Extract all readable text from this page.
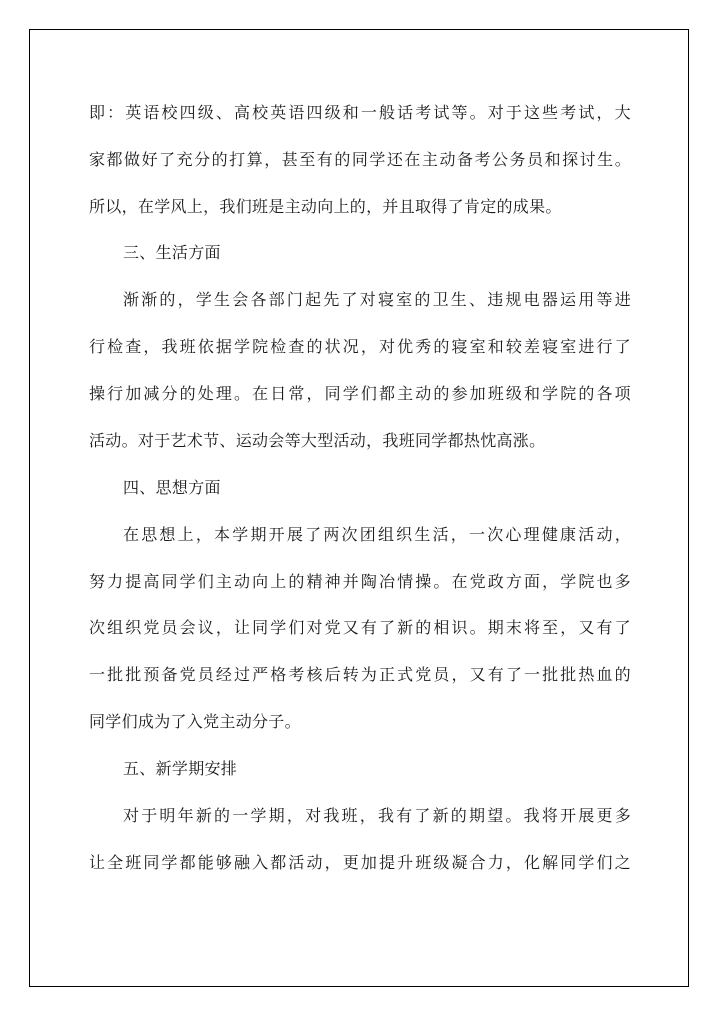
即：英语校四级、高校英语四级和一般话考试等。对于这些考试，大
家都做好了充分的打算，甚至有的同学还在主动备考公务员和探讨生。
所以，在学风上，我们班是主动向上的，并且取得了肯定的成果。
三、生活方面
渐渐的，学生会各部门起先了对寝室的卫生、违规电器运用等进
行检查，我班依据学院检查的状况，对优秀的寝室和较差寝室进行了
操行加减分的处理。在日常，同学们都主动的参加班级和学院的各项
活动。对于艺术节、运动会等大型活动，我班同学都热忱高涨。
四、思想方面
在思想上，本学期开展了两次团组织生活，一次心理健康活动，
努力提高同学们主动向上的精神并陶冶情操。在党政方面，学院也多
次组织党员会议，让同学们对党又有了新的相识。期末将至，又有了
一批批预备党员经过严格考核后转为正式党员，又有了一批批热血的
同学们成为了入党主动分子。
五、新学期安排
对于明年新的一学期，对我班，我有了新的期望。我将开展更多
让全班同学都能够融入都活动，更加提升班级凝合力，化解同学们之
